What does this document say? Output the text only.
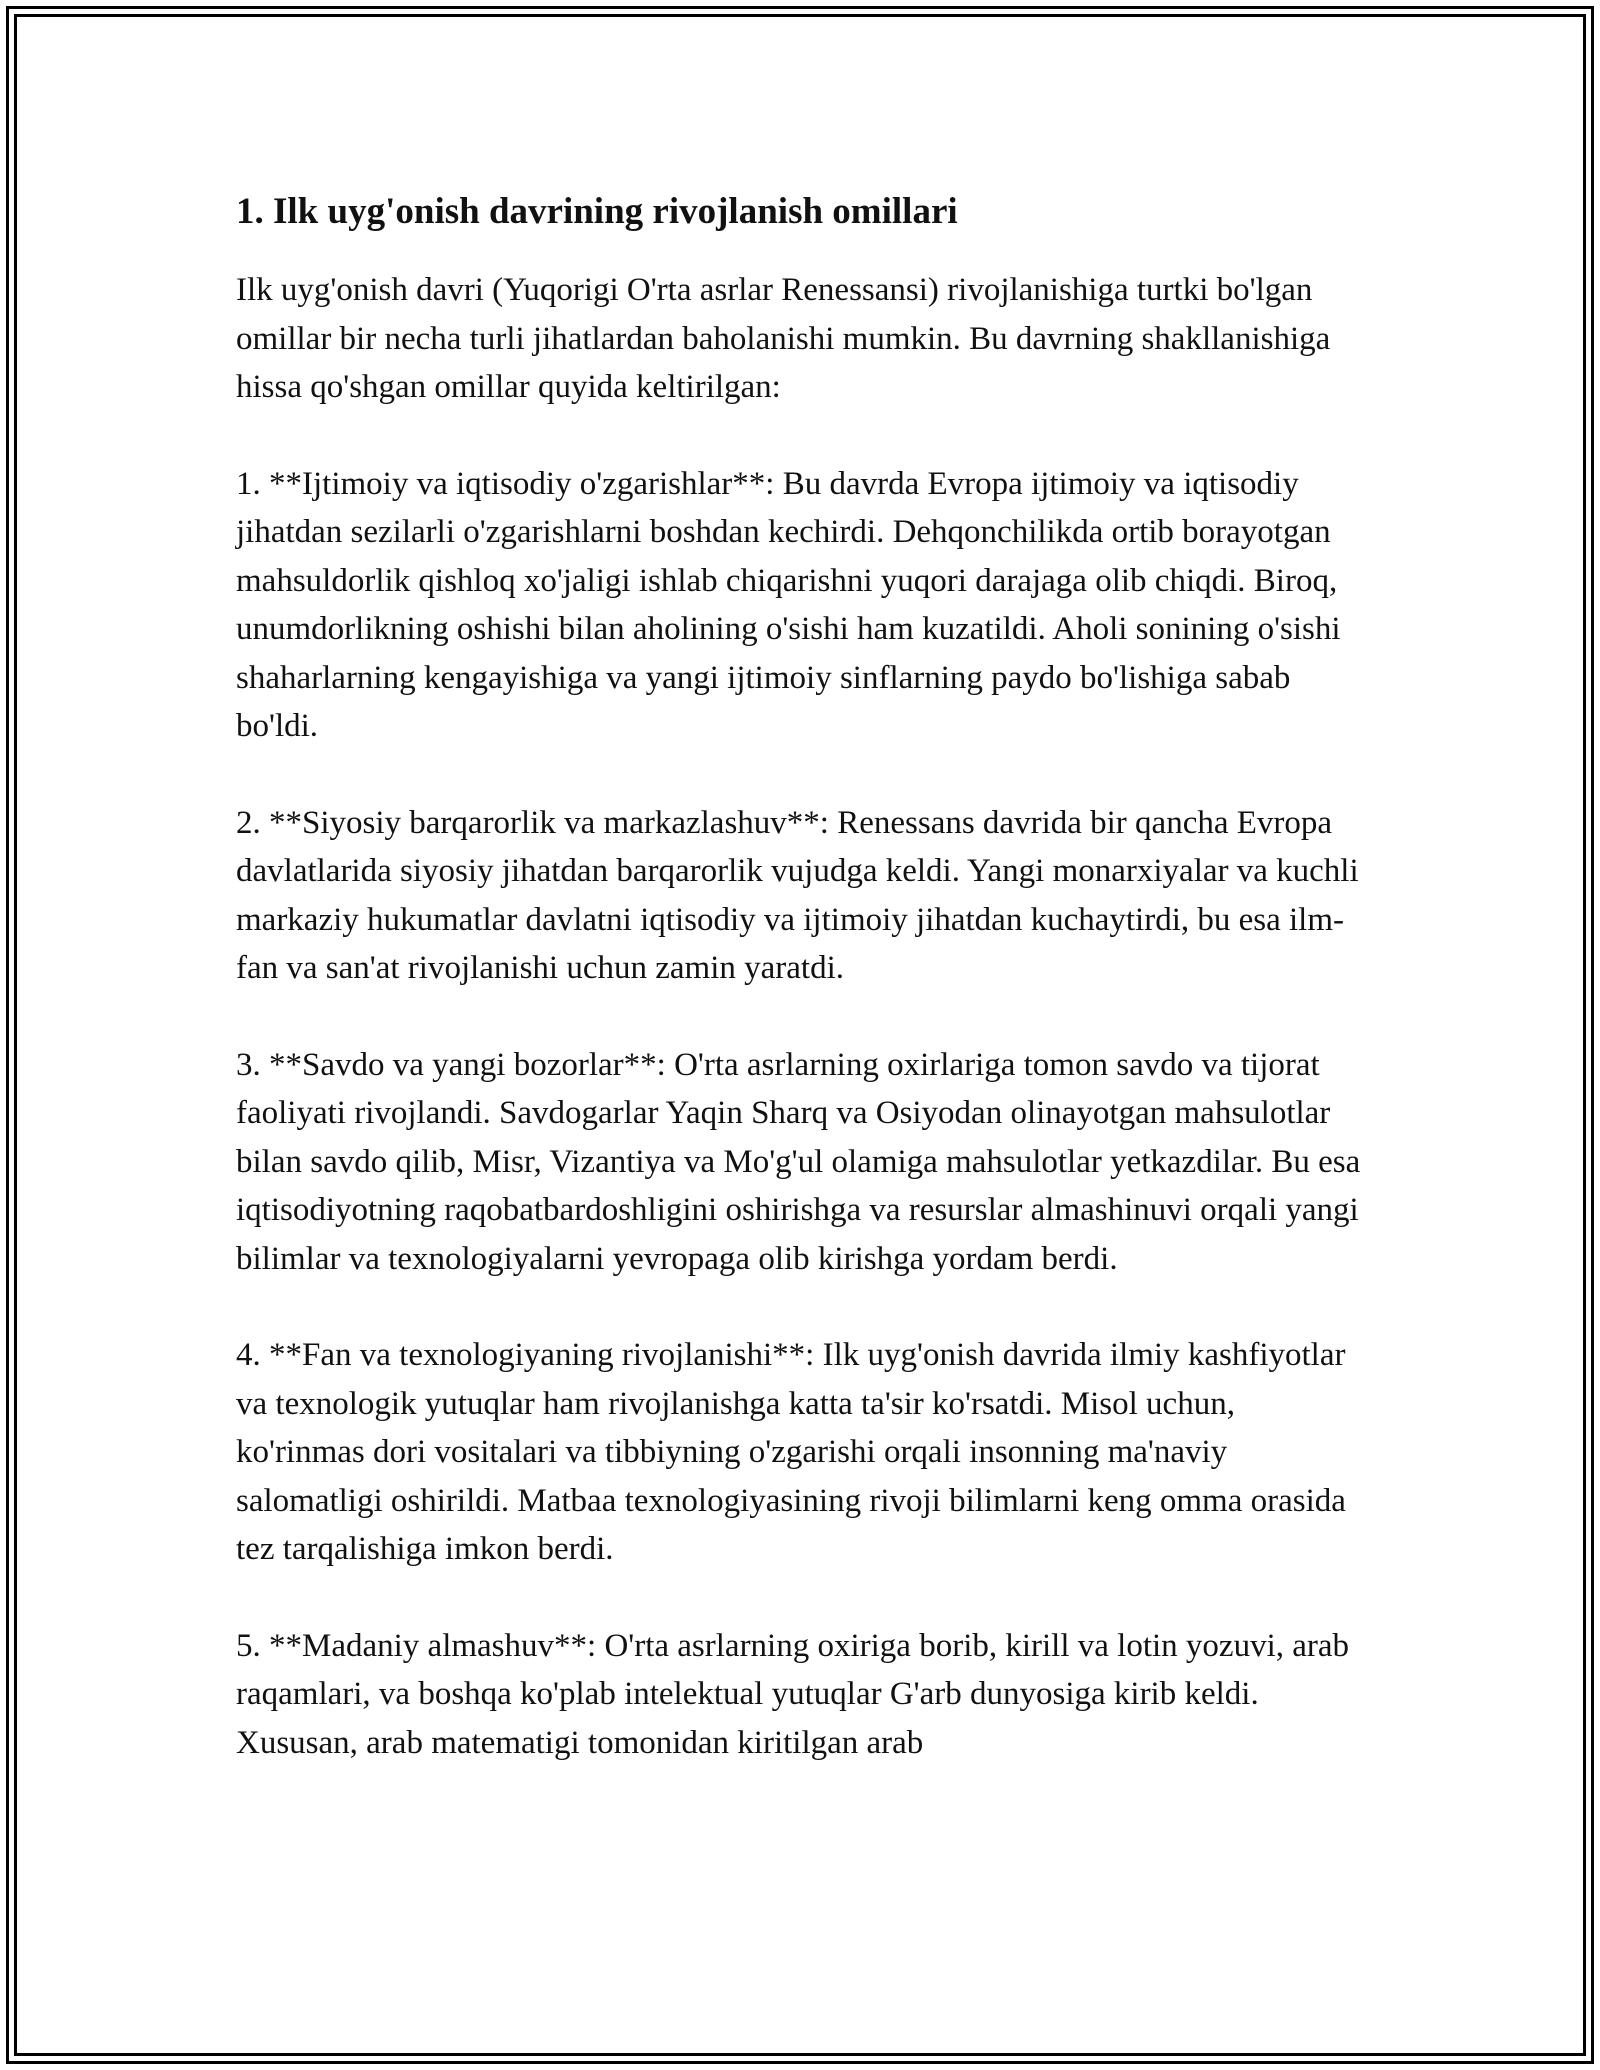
1. Ilk uyg'onish davrining rivojlanish omillari

Ilk uyg'onish davri (Yuqorigi O'rta asrlar Renessansi) rivojlanishiga turtki bo'lgan omillar bir necha turli jihatlardan baholanishi mumkin. Bu davrning shakllanishiga hissa qo'shgan omillar quyida keltirilgan:

1. **Ijtimoiy va iqtisodiy o'zgarishlar**: Bu davrda Evropa ijtimoiy va iqtisodiy jihatdan sezilarli o'zgarishlarni boshdan kechirdi. Dehqonchilikda ortib borayotgan mahsuldorlik qishloq xo'jaligi ishlab chiqarishni yuqori darajaga olib chiqdi. Biroq, unumdorlikning oshishi bilan aholining o'sishi ham kuzatildi. Aholi sonining o'sishi shaharlarning kengayishiga va yangi ijtimoiy sinflarning paydo bo'lishiga sabab bo'ldi.

2. **Siyosiy barqarorlik va markazlashuv**: Renessans davrida bir qancha Evropa davlatlarida siyosiy jihatdan barqarorlik vujudga keldi. Yangi monarxiyalar va kuchli markaziy hukumatlar davlatni iqtisodiy va ijtimoiy jihatdan kuchaytirdi, bu esa ilm-fan va san'at rivojlanishi uchun zamin yaratdi.

3. **Savdo va yangi bozorlar**: O'rta asrlarning oxirlariga tomon savdo va tijorat faoliyati rivojlandi. Savdogarlar Yaqin Sharq va Osiyodan olinayotgan mahsulotlar bilan savdo qilib, Misr, Vizantiya va Mo'g'ul olamiga mahsulotlar yetkazdilar. Bu esa iqtisodiyotning raqobatbardoshligini oshirishga va resurslar almashinuvi orqali yangi bilimlar va texnologiyalarni yevropaga olib kirishga yordam berdi.

4. **Fan va texnologiyaning rivojlanishi**: Ilk uyg'onish davrida ilmiy kashfiyotlar va texnologik yutuqlar ham rivojlanishga katta ta'sir ko'rsatdi. Misol uchun, ko'rinmas dori vositalari va tibbiyning o'zgarishi orqali insonning ma'naviy salomatligi oshirildi. Matbaa texnologiyasining rivoji bilimlarni keng omma orasida tez tarqalishiga imkon berdi.

5. **Madaniy almashuv**: O'rta asrlarning oxiriga borib, kirill va lotin yozuvi, arab raqamlari, va boshqa ko'plab intelektual yutuqlar G'arb dunyosiga kirib keldi. Xususan, arab matematigi tomonidan kiritilgan arab
